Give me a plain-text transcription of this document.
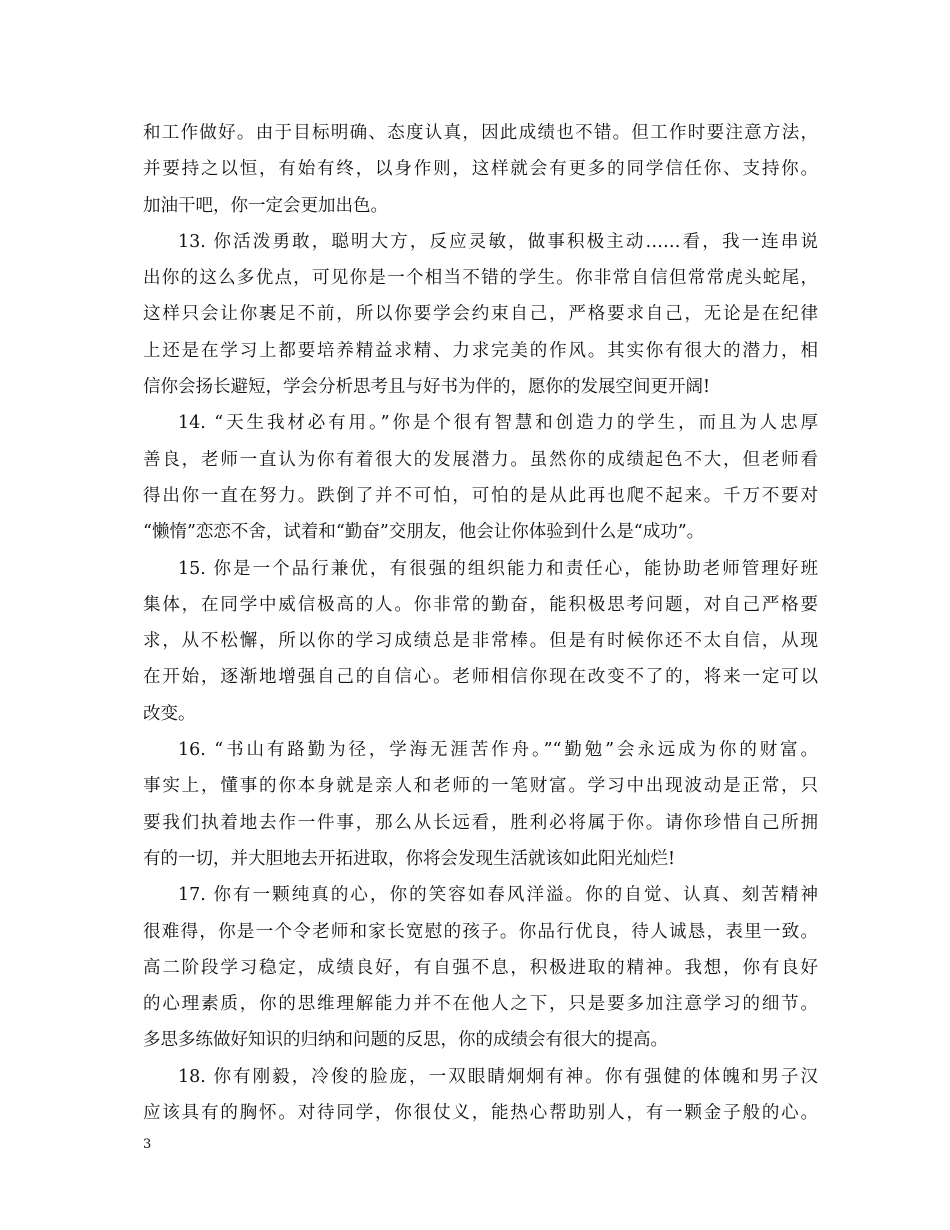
和工作做好。由于目标明确、态度认真，因此成绩也不错。但工作时要注意方法，
并要持之以恒，有始有终，以身作则，这样就会有更多的同学信任你、支持你。
加油干吧，你一定会更加出色。
13. 你活泼勇敢，聪明大方，反应灵敏，做事积极主动……看，我一连串说
出你的这么多优点，可见你是一个相当不错的学生。你非常自信但常常虎头蛇尾，
这样只会让你裹足不前，所以你要学会约束自己，严格要求自己，无论是在纪律
上还是在学习上都要培养精益求精、力求完美的作风。其实你有很大的潜力，相
信你会扬长避短，学会分析思考且与好书为伴的，愿你的发展空间更开阔!
14. “天生我材必有用。”你是个很有智慧和创造力的学生，而且为人忠厚
善良，老师一直认为你有着很大的发展潜力。虽然你的成绩起色不大，但老师看
得出你一直在努力。跌倒了并不可怕，可怕的是从此再也爬不起来。千万不要对
“懒惰”恋恋不舍，试着和“勤奋”交朋友，他会让你体验到什么是“成功”。
15. 你是一个品行兼优，有很强的组织能力和责任心，能协助老师管理好班
集体，在同学中威信极高的人。你非常的勤奋，能积极思考问题，对自己严格要
求，从不松懈，所以你的学习成绩总是非常棒。但是有时候你还不太自信，从现
在开始，逐渐地增强自己的自信心。老师相信你现在改变不了的，将来一定可以
改变。
16. “书山有路勤为径，学海无涯苦作舟。”“勤勉”会永远成为你的财富。
事实上，懂事的你本身就是亲人和老师的一笔财富。学习中出现波动是正常，只
要我们执着地去作一件事，那么从长远看，胜利必将属于你。请你珍惜自己所拥
有的一切，并大胆地去开拓进取，你将会发现生活就该如此阳光灿烂!
17. 你有一颗纯真的心，你的笑容如春风洋溢。你的自觉、认真、刻苦精神
很难得，你是一个令老师和家长宽慰的孩子。你品行优良，待人诚恳，表里一致。
高二阶段学习稳定，成绩良好，有自强不息，积极进取的精神。我想，你有良好
的心理素质，你的思维理解能力并不在他人之下，只是要多加注意学习的细节。
多思多练做好知识的归纳和问题的反思，你的成绩会有很大的提高。
18. 你有刚毅，冷俊的脸庞，一双眼睛炯炯有神。你有强健的体魄和男子汉
应该具有的胸怀。对待同学，你很仗义，能热心帮助别人，有一颗金子般的心。
3
